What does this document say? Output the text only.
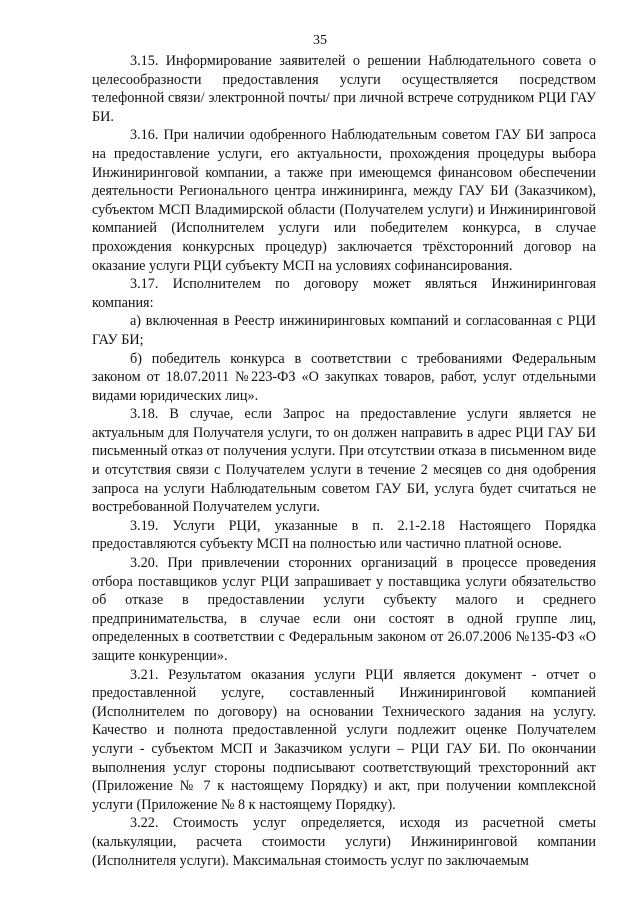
35

3.15. Информирование заявителей о решении Наблюдательного совета о целесообразности предоставления услуги осуществляется посредством телефонной связи/ электронной почты/ при личной встрече сотрудником РЦИ ГАУ БИ.

3.16. При наличии одобренного Наблюдательным советом ГАУ БИ запроса на предоставление услуги, его актуальности, прохождения процедуры выбора Инжиниринговой компании, а также при имеющемся финансовом обеспечении деятельности Регионального центра инжиниринга, между ГАУ БИ (Заказчиком), субъектом МСП Владимирской области (Получателем услуги) и Инжиниринговой компанией (Исполнителем услуги или победителем конкурса, в случае прохождения конкурсных процедур) заключается трёхсторонний договор на оказание услуги РЦИ субъекту МСП на условиях софинансирования.

3.17. Исполнителем по договору может являться Инжиниринговая компания:

а) включенная в Реестр инжиниринговых компаний и согласованная с РЦИ ГАУ БИ;

б) победитель конкурса в соответствии с требованиями Федеральным законом от 18.07.2011 №223-ФЗ «О закупках товаров, работ, услуг отдельными видами юридических лиц».

3.18. В случае, если Запрос на предоставление услуги является не актуальным для Получателя услуги, то он должен направить в адрес РЦИ ГАУ БИ письменный отказ от получения услуги. При отсутствии отказа в письменном виде и отсутствия связи с Получателем услуги в течение 2 месяцев со дня одобрения запроса на услуги Наблюдательным советом ГАУ БИ, услуга будет считаться не востребованной Получателем услуги.

3.19. Услуги РЦИ, указанные в п. 2.1-2.18 Настоящего Порядка предоставляются субъекту МСП на полностью или частично платной основе.

3.20. При привлечении сторонних организаций в процессе проведения отбора поставщиков услуг РЦИ запрашивает у поставщика услуги обязательство об отказе в предоставлении услуги субъекту малого и среднего предпринимательства, в случае если они состоят в одной группе лиц, определенных в соответствии с Федеральным законом от 26.07.2006 №135-ФЗ «О защите конкуренции».

3.21. Результатом оказания услуги РЦИ является документ - отчет о предоставленной услуге, составленный Инжиниринговой компанией (Исполнителем по договору) на основании Технического задания на услугу. Качество и полнота предоставленной услуги подлежит оценке Получателем услуги - субъектом МСП и Заказчиком услуги – РЦИ ГАУ БИ. По окончании выполнения услуг стороны подписывают соответствующий трехсторонний акт (Приложение № 7 к настоящему Порядку) и акт, при получении комплексной услуги (Приложение № 8 к настоящему Порядку).

3.22. Стоимость услуг определяется, исходя из расчетной сметы (калькуляции, расчета стоимости услуги) Инжиниринговой компании (Исполнителя услуги). Максимальная стоимость услуг по заключаемым
